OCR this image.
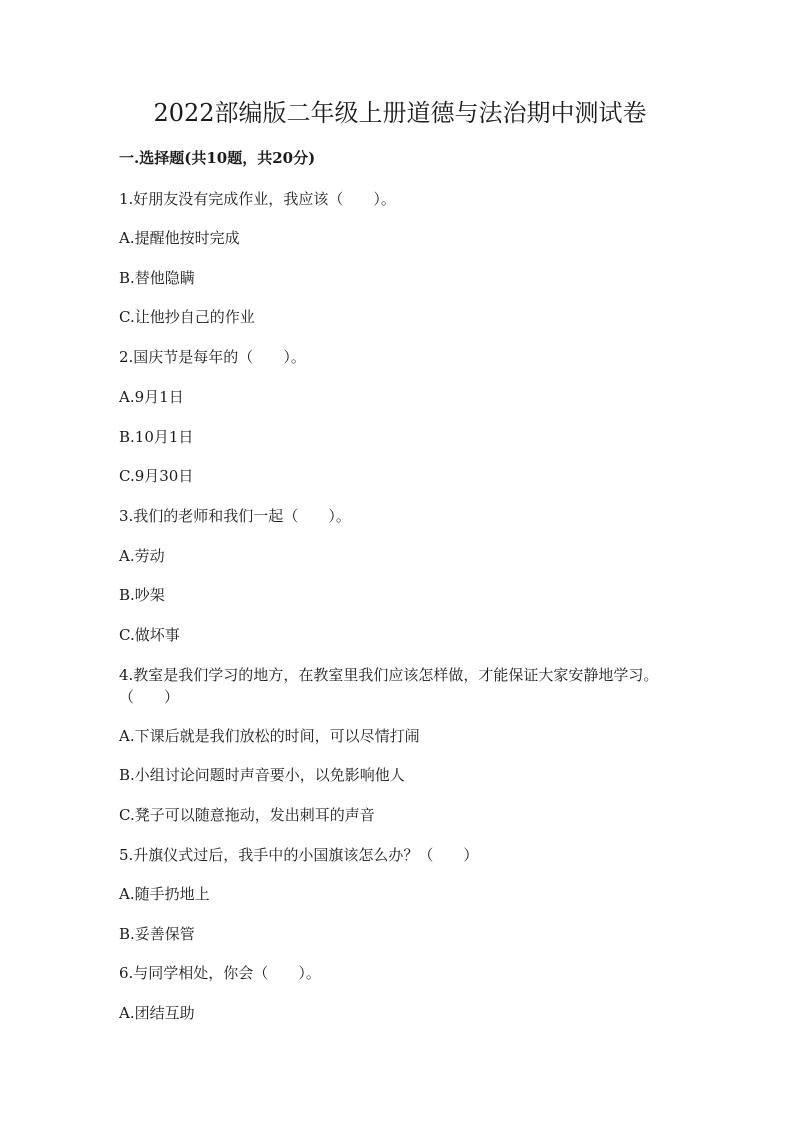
2022部编版二年级上册道德与法治期中测试卷
一.选择题(共10题，共20分)

1.好朋友没有完成作业，我应该（　　）。

A.提醒他按时完成

B.替他隐瞒

C.让他抄自己的作业

2.国庆节是每年的（　　）。

A.9月1日

B.10月1日

C.9月30日

3.我们的老师和我们一起（　　）。

A.劳动

B.吵架

C.做坏事

4.教室是我们学习的地方，在教室里我们应该怎样做，才能保证大家安静地学习。（　　）

A.下课后就是我们放松的时间，可以尽情打闹

B.小组讨论问题时声音要小，以免影响他人

C.凳子可以随意拖动，发出刺耳的声音

5.升旗仪式过后，我手中的小国旗该怎么办？（　　）

A.随手扔地上

B.妥善保管

6.与同学相处，你会（　　）。

A.团结互助
